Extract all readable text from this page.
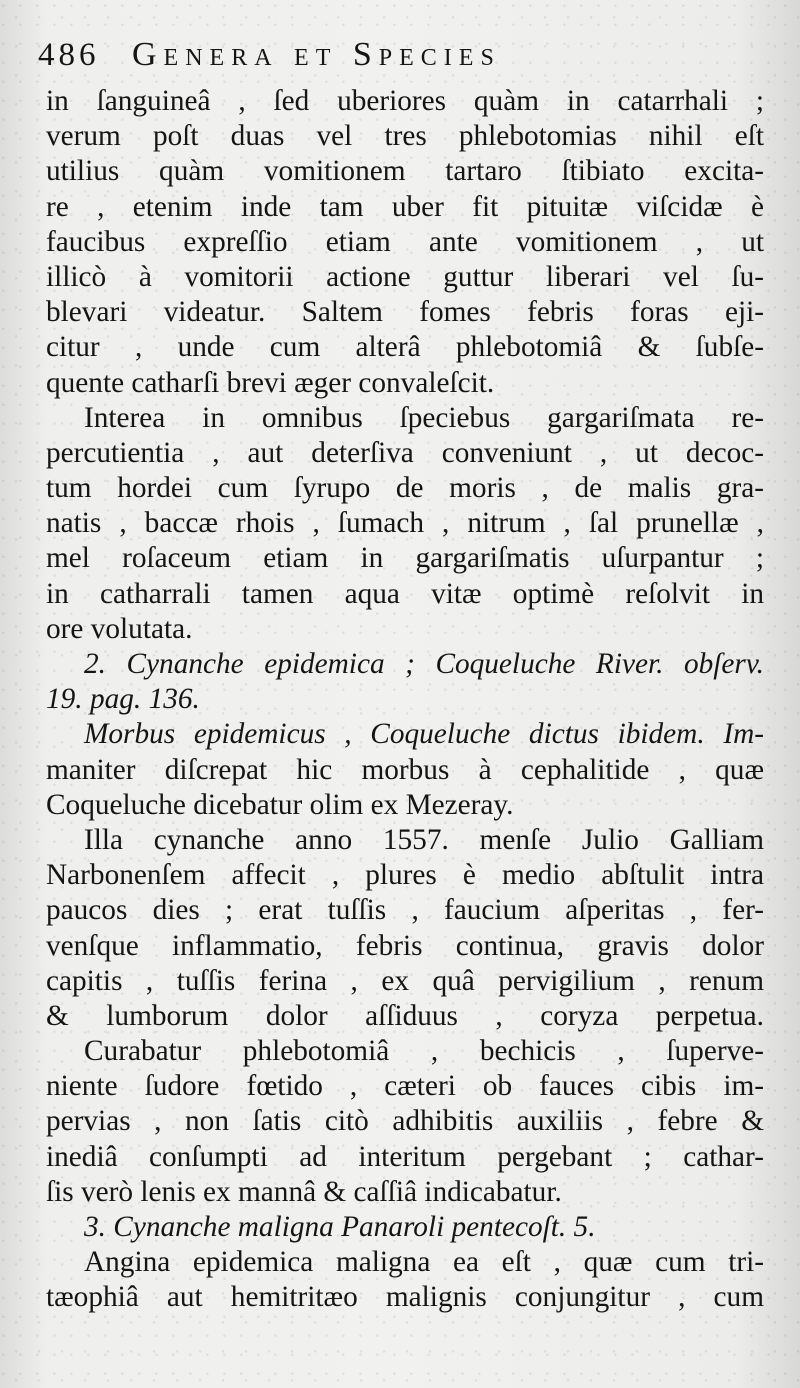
486 Genera et Species
in ſanguineâ , ſed uberiores quàm in catarrhali ;
verum poſt duas vel tres phlebotomias nihil eſt
utilius quàm vomitionem tartaro ſtibiato excita-
re , etenim inde tam uber fit pituitæ viſcidæ è
faucibus expreſſio etiam ante vomitionem , ut
illicò à vomitorii actione guttur liberari vel ſu-
blevari videatur. Saltem fomes febris foras eji-
citur , unde cum alterâ phlebotomiâ & ſubſe-
quente catharſi brevi æger convaleſcit.
Interea in omnibus ſpeciebus gargariſmata re-
percutientia , aut deterſiva conveniunt , ut decoc-
tum hordei cum ſyrupo de moris , de malis gra-
natis , baccæ rhois , ſumach , nitrum , ſal prunellæ ,
mel roſaceum etiam in gargariſmatis uſurpantur ;
in catharrali tamen aqua vitæ optimè reſolvit in
ore volutata.
2. Cynanche epidemica ; Coqueluche River. obſerv.
19. pag. 136.
Morbus epidemicus , Coqueluche dictus ibidem. Im-
maniter diſcrepat hic morbus à cephalitide , quæ
Coqueluche dicebatur olim ex Mezeray.
Illa cynanche anno 1557. menſe Julio Galliam
Narbonenſem affecit , plures è medio abſtulit intra
paucos dies ; erat tuſſis , faucium aſperitas , fer-
venſque inflammatio, febris continua, gravis dolor
capitis , tuſſis ferina , ex quâ pervigilium , renum
& lumborum dolor aſſiduus , coryza perpetua.
Curabatur phlebotomiâ , bechicis , ſuperve-
niente ſudore fœtido , cæteri ob fauces cibis im-
pervias , non ſatis citò adhibitis auxiliis , febre &
inediâ conſumpti ad interitum pergebant ; cathar-
ſis verò lenis ex mannâ & caſſiâ indicabatur.
3. Cynanche maligna Panaroli pentecoſt. 5.
Angina epidemica maligna ea eſt , quæ cum tri-
tæophiâ aut hemitritæo malignis conjungitur , cum
